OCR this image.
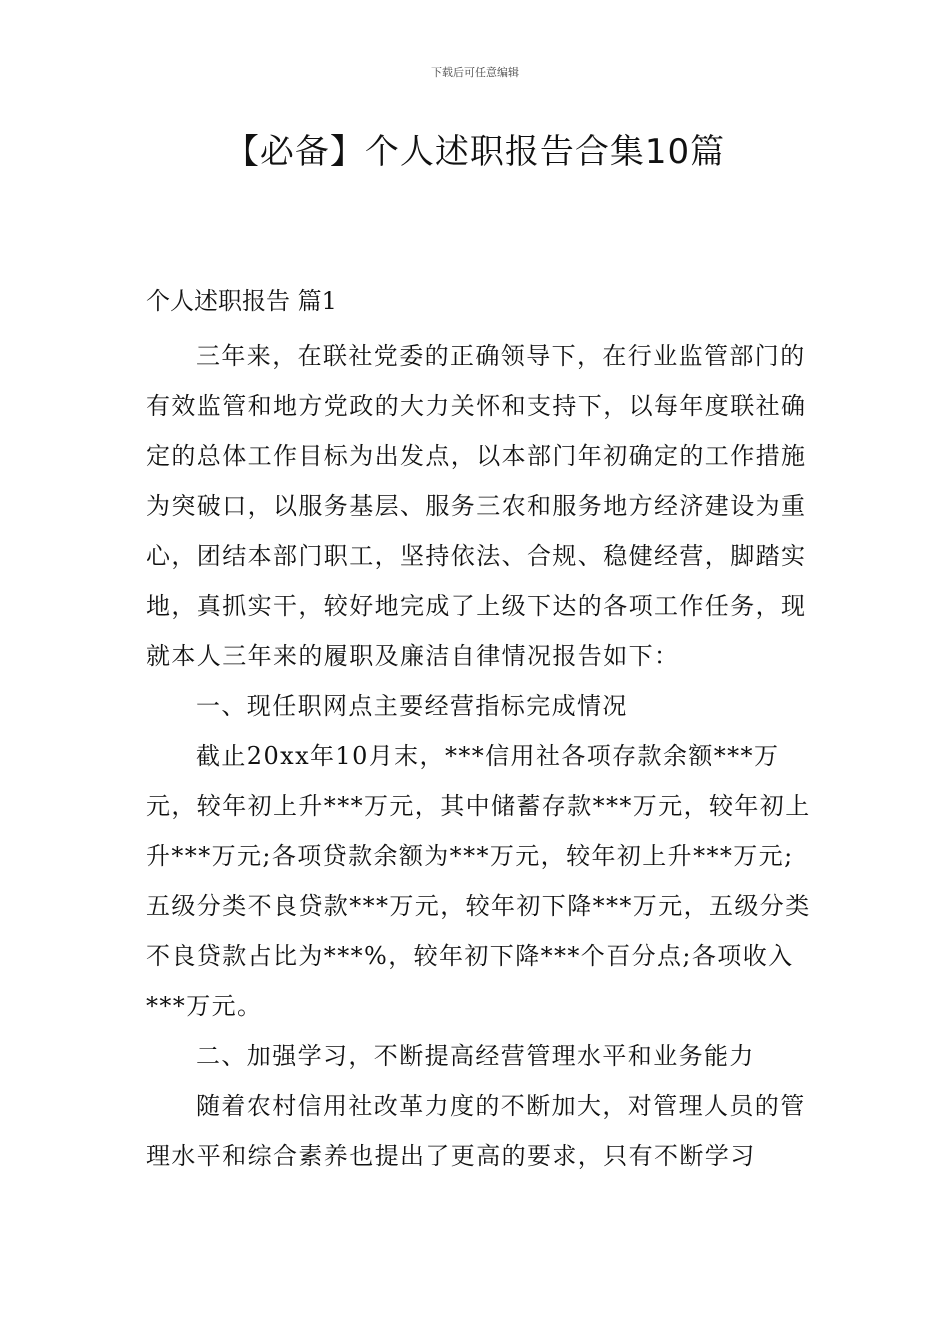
下载后可任意编辑
【必备】个人述职报告合集10篇
个人述职报告 篇1

三年来，在联社党委的正确领导下，在行业监管部门的有效监管和地方党政的大力关怀和支持下，以每年度联社确定的总体工作目标为出发点，以本部门年初确定的工作措施为突破口，以服务基层、服务三农和服务地方经济建设为重心，团结本部门职工，坚持依法、合规、稳健经营，脚踏实地，真抓实干，较好地完成了上级下达的各项工作任务，现就本人三年来的履职及廉洁自律情况报告如下：

一、现任职网点主要经营指标完成情况

截止20xx年10月末，***信用社各项存款余额***万元，较年初上升***万元，其中储蓄存款***万元，较年初上升***万元;各项贷款余额为***万元，较年初上升***万元;五级分类不良贷款***万元，较年初下降***万元，五级分类不良贷款占比为***%，较年初下降***个百分点;各项收入***万元。

二、加强学习，不断提高经营管理水平和业务能力

随着农村信用社改革力度的不断加大，对管理人员的管理水平和综合素养也提出了更高的要求，只有不断学习
